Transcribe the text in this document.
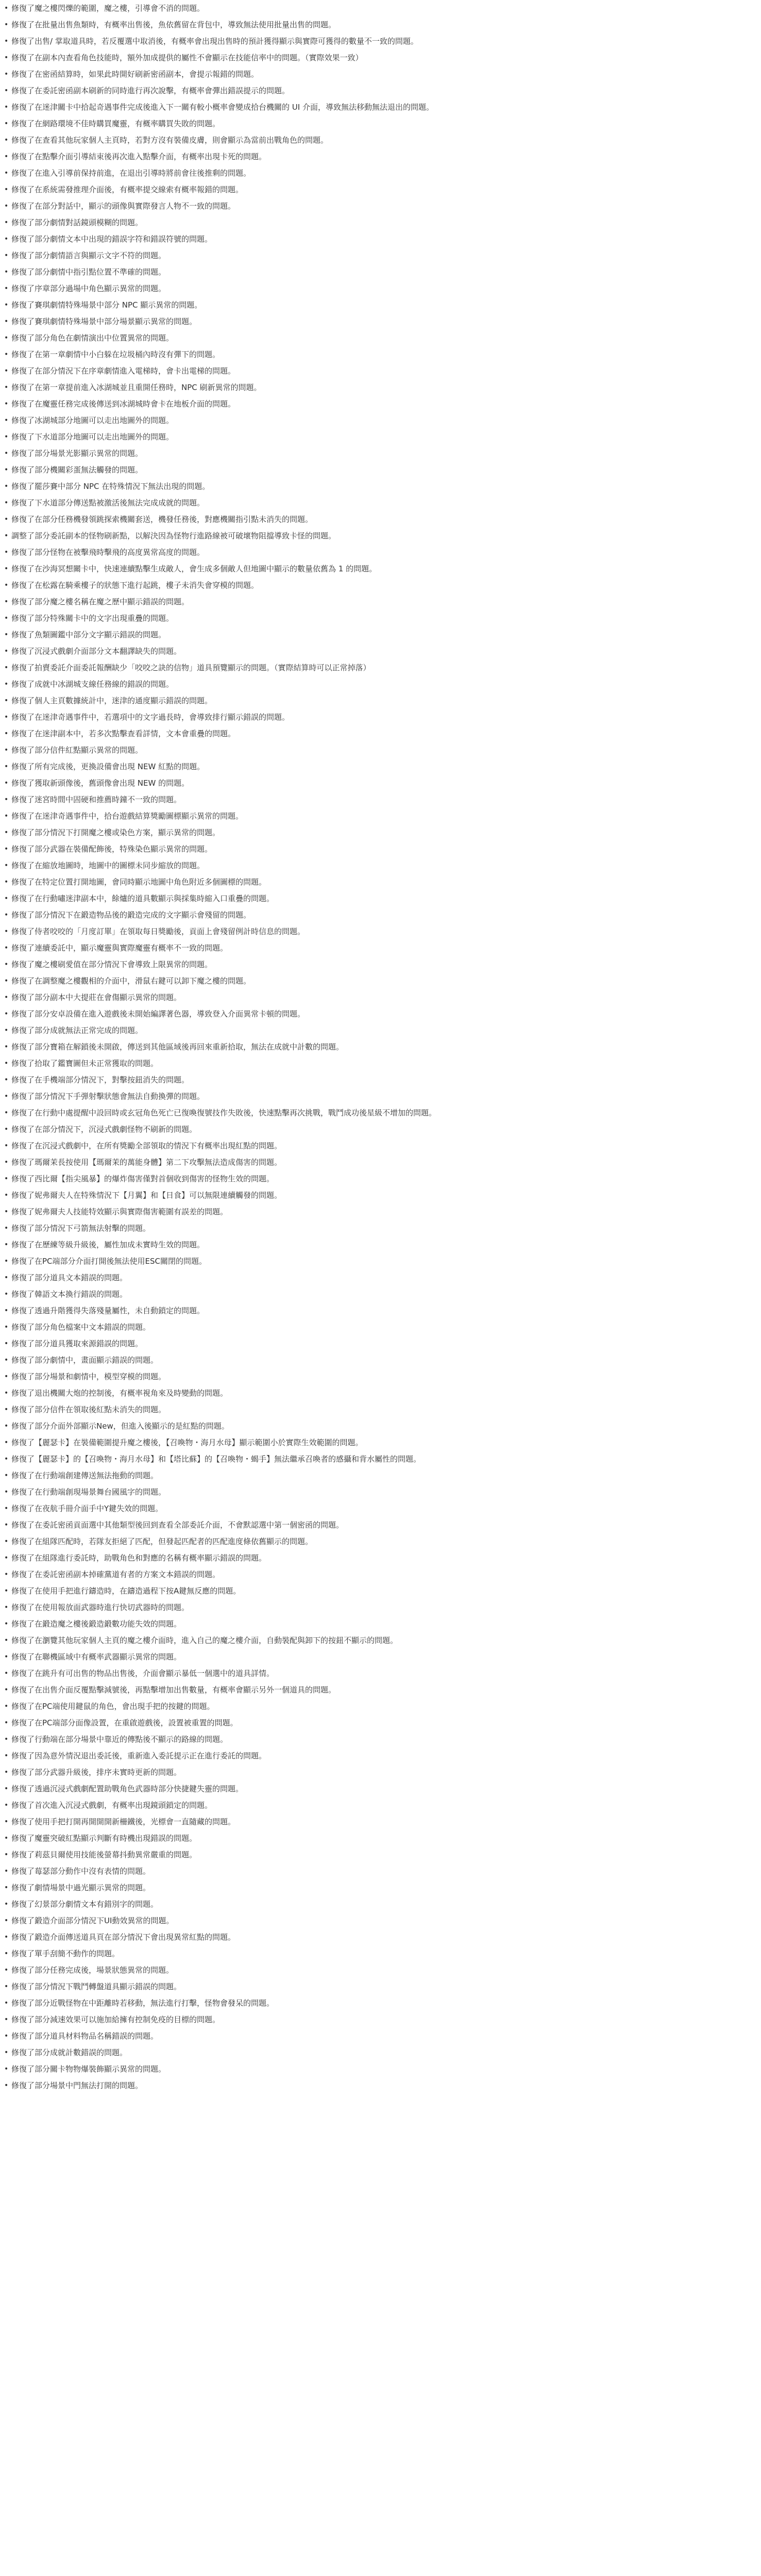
• 修復了魔之樓閃爍的範圍，魔之樓，引導會不消的問題。
• 修復了在批量出售魚類時，有概率出售後，魚依舊留在背包中，導致無法使用批量出售的問題。
• 修復了出售/ 掌取道具時，若反覆選中取消後，有概率會出現出售時的預計獲得顯示與實際可獲得的數量不一致的問題。
• 修復了在副本內查看角色技能時，額外加成提供的屬性不會顯示在技能信率中的問題。（實際效果一致）
• 修復了在密函結算時，如果此時開好刷新密函副本，會提示報錯的問題。
• 修復了在委託密函副本刷新的同時進行再次說擊，有概率會彈出錯誤提示的問題。
• 修復了在迷津關卡中拾起奇遇事件完成後進入下一關有較小概率會變成拾台機關的 UI 介面，導致無法移動無法退出的問題。
• 修復了在網路環境不佳時購買魔靈，有概率購買失敗的問題。
• 修復了在查看其他玩家個人主頁時，若對方沒有裝備皮膚，則會顯示為當前出戰角色的問題。
• 修復了在點擊介面引導結束後再次進入點擊介面，有概率出現卡死的問題。
• 修復了在進入引導前保持前進，在退出引導時將前會往後推剩的問題。
• 修復了在系統需發推理介面後，有概率提交線索有概率報錯的問題。
• 修復了在部分對話中，顯示的頭像與實際發言人物不一致的問題。
• 修復了部分劇情對話鏡頭模糊的問題。
• 修復了部分劇情文本中出現的錯誤字符和錯誤符號的問題。
• 修復了部分劇情語言與顯示文字不符的問題。
• 修復了部分劇情中指引點位置不準確的問題。
• 修復了序章部分過場中角色顯示異常的問題。
• 修復了賽琪劇情特殊場景中部分 NPC 顯示異常的問題。
• 修復了賽琪劇情特殊場景中部分場景顯示異常的問題。
• 修復了部分角色在劇情演出中位置異常的問題。
• 修復了在第一章劇情中小白躲在垃圾桶內時沒有彈下的問題。
• 修復了在部分情況下在序章劇情進入電梯時，會卡出電梯的問題。
• 修復了在第一章提前進入冰湖城並且重開任務時，NPC 刷新異常的問題。
• 修復了在魔靈任務完成後傳送到冰湖城時會卡在地板介面的問題。
• 修復了冰湖城部分地圖可以走出地圖外的問題。
• 修復了下水道部分地圖可以走出地圖外的問題。
• 修復了部分場景光影顯示異常的問題。
• 修復了部分機關彩蛋無法觸發的問題。
• 修復了罷莎賽中部分 NPC 在特殊情況下無法出現的問題。
• 修復了下水道部分傳送點被激活後無法完成成就的問題。
• 修復了在部分任務機發領跳探索機關套送，機發任務後，對應機關指引點未消失的問題。
• 調整了部分委託副本的怪物刷新點，以解決因為怪物行進路線被可破壞物阻擋導致卡怪的問題。
• 修復了部分怪物在被擊飛時擊飛的高度異常高度的問題。
• 修復了在沙海冥想關卡中，快速連續點擊生成敵人，會生成多個敵人但地圖中顯示的數量依舊為 1 的問題。
• 修復了在松露在騎乘樓子的狀態下進行起跳，樓子未消失會穿模的問題。
• 修復了部分魔之樓名稱在魔之歷中顯示錯誤的問題。
• 修復了部分特殊關卡中的文字出現重疊的問題。
• 修復了魚類圖鑑中部分文字顯示錯誤的問題。
• 修復了沉浸式戲劇介面部分文本翻譯缺失的問題。
• 修復了拍賣委託介面委託報酬缺少「咬咬之訣的信物」道具預覽顯示的問題。（實際結算時可以正常掉落）
• 修復了成就中冰湖城支線任務線的錯誤的問題。
• 修復了個人主頁數據統計中，迷津的通度顯示錯誤的問題。
• 修復了在迷津奇遇事件中，若選項中的文字過長時，會導致排行顯示錯誤的問題。
• 修復了在迷津副本中，若多次點擊查看詳情，文本會重疊的問題。
• 修復了部分信件紅點顯示異常的問題。
• 修復了所有完成後，更換設備會出現 NEW 紅點的問題。
• 修復了獲取新頭像後，舊頭像會出現 NEW 的問題。
• 修復了迷宮時間中固硬和推薦時鐘不一致的問題。
• 修復了在迷津奇遇事件中，拾台遊戲結算獎勵圖標顯示異常的問題。
• 修復了部分情況下打開魔之樓或染色方案，顯示異常的問題。
• 修復了部分武器在裝備配飾後，特殊染色顯示異常的問題。
• 修復了在縮放地圖時，地圖中的圖標未同步縮放的問題。
• 修復了在特定位置打開地圖，會同時顯示地圖中角色附近多個圖標的問題。
• 修復了在行動嘯迷津副本中，餘爐的道具數顯示與採集時縮入口重疊的問題。
• 修復了部分情況下在鍛造物品後的鍛造完成的文字顯示會殘留的問題。
• 修復了侍者咬咬的「月度訂單」在領取每日獎勵後，貢面上會殘留例計時信息的問題。
• 修復了連續委託中，顯示魔靈與實際魔靈有概率不一致的問題。
• 修復了魔之樓刷愛值在部分情況下會導致上限異常的問題。
• 修復了在調整魔之樓觀相的介面中，滑鼠右鍵可以卸下魔之樓的問題。
• 修復了部分副本中大提莊在會傷顯示異常的問題。
• 修復了部分安卓設備在進入遊戲後未開始編譯著色器，導致登入介面異常卡頓的問題。
• 修復了部分成就無法正常完成的問題。
• 修復了部分寶箱在解鎖後未開啟，傳送到其他區域後再回來重新拾取，無法在成就中計數的問題。
• 修復了拾取了鑑寶圖但未正常獲取的問題。
• 修復了在手機端部分情況下，對擊按鈕消失的問題。
• 修復了部分情況下手弾射擊狀態會無法自動換彈的問題。
• 修復了在行動中處提醒中設回時或玄冠角色死亡已復喚復號技作失敗後，快速點擊再次挑戰，戰鬥成功後星級不增加的問題。
• 修復了在部分情況下，沉浸式戲劇怪物不刷新的問題。
• 修復了在沉浸式戲劇中，在所有獎勵全部領取的情況下有概率出現紅點的問題。
• 修復了瑪爾茉長按使用【瑪爾茉的萬能身體】第二下攻擊無法造成傷害的問題。
• 修復了西比爾【指尖風暴】的爆炸傷害僅對首個收到傷害的怪物生效的問題。
• 修復了妮弗爾夫人在特殊情況下【月翼】和【日食】可以無限連續觸發的問題。
• 修復了妮弗爾夫人技能特效顯示與實際傷害範圍有誤差的問題。
• 修復了部分情況下弓箭無法射擊的問題。
• 修復了在歷練等級升級後，屬性加成未實時生效的問題。
• 修復了在PC端部分介面打開後無法使用ESC關閉的問題。
• 修復了部分道具文本錯誤的問題。
• 修復了韓語文本換行錯誤的問題。
• 修復了透過升階獲得失落殘量屬性，未自動鎖定的問題。
• 修復了部分角色檔案中文本錯誤的問題。
• 修復了部分道具獲取來源錯誤的問題。
• 修復了部分劇情中，畫面顯示錯誤的問題。
• 修復了部分場景和劇情中，模型穿模的問題。
• 修復了退出機關大炮的控制後，有概率視角來及時變動的問題。
• 修復了部分信件在領取後紅點未消失的問題。
• 修復了部分介面外部顯示New，但進入後顯示的是紅點的問題。
• 修復了【麗瑟卡】在裝備範圍提升魔之樓後，【召喚物・海月水母】顯示範圍小於實際生效範圍的問題。
• 修復了【麗瑟卡】的【召喚物・海月水母】和【塔比蘇】的【召喚物・蝎手】無法繼承召喚者的感攝和背水屬性的問題。
• 修復了在行動端創建傳送無法拖動的問題。
• 修復了在行動端創現場景舞台國風字的問題。
• 修復了在夜航手冊介面手中Y鍵失效的問題。
• 修復了在委託密函貢面選中其他類型後回到查看全部委託介面，不會默認選中第一個密函的問題。
• 修復了在組隊匹配時，若隊友拒絕了匹配，但發起匹配者的匹配進度條依舊顯示的問題。
• 修復了在組隊進行委託時，助戰角色和對應的名稱有概率顯示錯誤的問題。
• 修復了在委託密函副本掉確黨道有者的方案文本錯誤的問題。
• 修復了在使用手把進行鑄造時，在鑄造過程下按A鍵無反應的問題。
• 修復了在使用報放面武器時進行快切武器時的問題。
• 修復了在鍛造魔之樓後鍛造鍛數功能失效的問題。
• 修復了在瀏覽其他玩家個人主頁的魔之樓介面時，進入自己的魔之樓介面，自動裝配與卸下的按鈕不顯示的問題。
• 修復了在聯機區域中有概率武器顯示異常的問題。
• 修復了在跳升有可出售的物品出售後，介面會顯示暴低一個選中的道具詳情。
• 修復了在出售介面反覆點擊減號後，再點擊增加出售數量，有概率會顯示另外一個道具的問題。
• 修復了在PC端使用鍵鼠的角色，會出現手把的按鍵的問題。
• 修復了在PC端部分面像設置，在重啟遊戲後，設置被重置的問題。
• 修復了行動端在部分場景中靠近的傳點後不顯示的路線的問題。
• 修復了因為意外情況退出委託後，重新進入委託提示正在進行委託的問題。
• 修復了部分武器升級後，排序未實時更新的問題。
• 修復了透過沉浸式戲劇配置助戰角色武器時部分快捷鍵失靈的問題。
• 修復了首次進入沉浸式戲劇，有概率出現鏡頭鎖定的問題。
• 修復了使用手把打開再開開開新柵鐵後，光標會一直隨藏的問題。
• 修復了魔靈突破紅點顯示判斷有時機出現錯誤的問題。
• 修復了莉茲貝爾使用技能後螢幕抖動異常嚴重的問題。
• 修復了莓瑟部分動作中沒有表情的問題。
• 修復了劇情場景中過光顯示異常的問題。
• 修復了幻景部分劇情文本有錯別字的問題。
• 修復了鍛造介面部分情況下UI動效異常的問題。
• 修復了鍛造介面傳送道具頁在部分情況下會出現異常紅點的問題。
• 修復了單手刮簡不動作的問題。
• 修復了部分任務完成後，場景狀態異常的問題。
• 修復了部分情況下戰鬥轉盤道具顯示錯誤的問題。
• 修復了部分近戰怪物在中距離時若移動，無法進行打擊，怪物會發呆的問題。
• 修復了部分減速效果可以施加給擁有控制免疫的目標的問題。
• 修復了部分道具材料物品名稱錯誤的問題。
• 修復了部分成就計數錯誤的問題。
• 修復了部分關卡物物爆裝飾顯示異常的問題。
• 修復了部分場景中門無法打開的問題。
